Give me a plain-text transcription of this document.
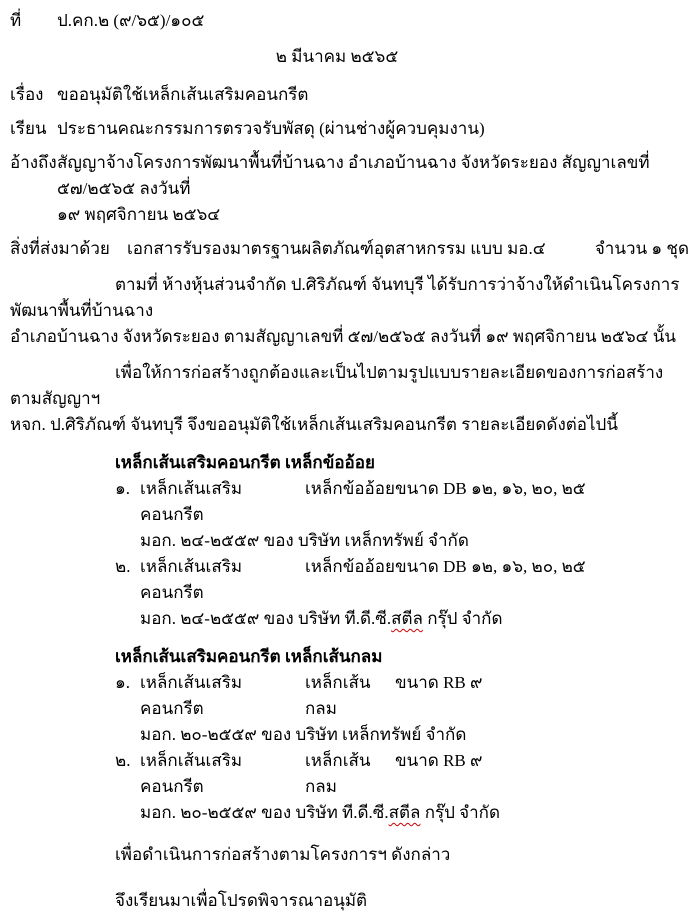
ที่	ป.คก.๒ (๙/๖๕)/๑๐๕
๒ มีนาคม ๒๕๖๕
เรื่อง ขออนุมัติใช้เหล็กเส้นเสริมคอนกรีต
เรียน ประธานคณะกรรมการตรวจรับพัสดุ (ผ่านช่างผู้ควบคุมงาน)
อ้างถึง สัญญาจ้างโครงการพัฒนาพื้นที่บ้านฉาง อำเภอบ้านฉาง จังหวัดระยอง สัญญาเลขที่ ๕๗/๒๕๖๕ ลงวันที่
๑๙ พฤศจิกายน ๒๕๖๔
สิ่งที่ส่งมาด้วย	เอกสารรับรองมาตรฐานผลิตภัณฑ์อุตสาหกรรม แบบ มอ.๔	จำนวน ๑ ชุด
ตามที่ ห้างหุ้นส่วนจำกัด ป.ศิริภัณฑ์ จันทบุรี ได้รับการว่าจ้างให้ดำเนินโครงการพัฒนาพื้นที่บ้านฉาง
อำเภอบ้านฉาง จังหวัดระยอง ตามสัญญาเลขที่ ๕๗/๒๕๖๕ ลงวันที่ ๑๙ พฤศจิกายน ๒๕๖๔ นั้น
เพื่อให้การก่อสร้างถูกต้องและเป็นไปตามรูปแบบรายละเอียดของการก่อสร้างตามสัญญาฯ
หจก. ป.ศิริภัณฑ์ จันทบุรี จึงขออนุมัติใช้เหล็กเส้นเสริมคอนกรีต รายละเอียดดังต่อไปนี้
เหล็กเส้นเสริมคอนกรีต เหล็กข้ออ้อย
๑. เหล็กเส้นเสริมคอนกรีต
เหล็กข้ออ้อย ขนาด DB ๑๒, ๑๖, ๒๐, ๒๕
มอก. ๒๔-๒๕๕๙ ของ บริษัท เหล็กทรัพย์ จำกัด
๒. เหล็กเส้นเสริมคอนกรีต
เหล็กข้ออ้อย ขนาด DB ๑๒, ๑๖, ๒๐, ๒๕
มอก. ๒๔-๒๕๕๙ ของ บริษัท ที.ดี.ซี.สตีล กรุ๊ป จำกัด
เหล็กเส้นเสริมคอนกรีต เหล็กเส้นกลม
๑. เหล็กเส้นเสริมคอนกรีต
เหล็กเส้นกลม
ขนาด RB ๙
มอก. ๒๐-๒๕๕๙ ของ บริษัท เหล็กทรัพย์ จำกัด
๒. เหล็กเส้นเสริมคอนกรีต
เหล็กเส้นกลม
ขนาด RB ๙
มอก. ๒๐-๒๕๕๙ ของ บริษัท ที.ดี.ซี.สตีล กรุ๊ป จำกัด
เพื่อดำเนินการก่อสร้างตามโครงการฯ ดังกล่าว
จึงเรียนมาเพื่อโปรดพิจารณาอนุมัติ
